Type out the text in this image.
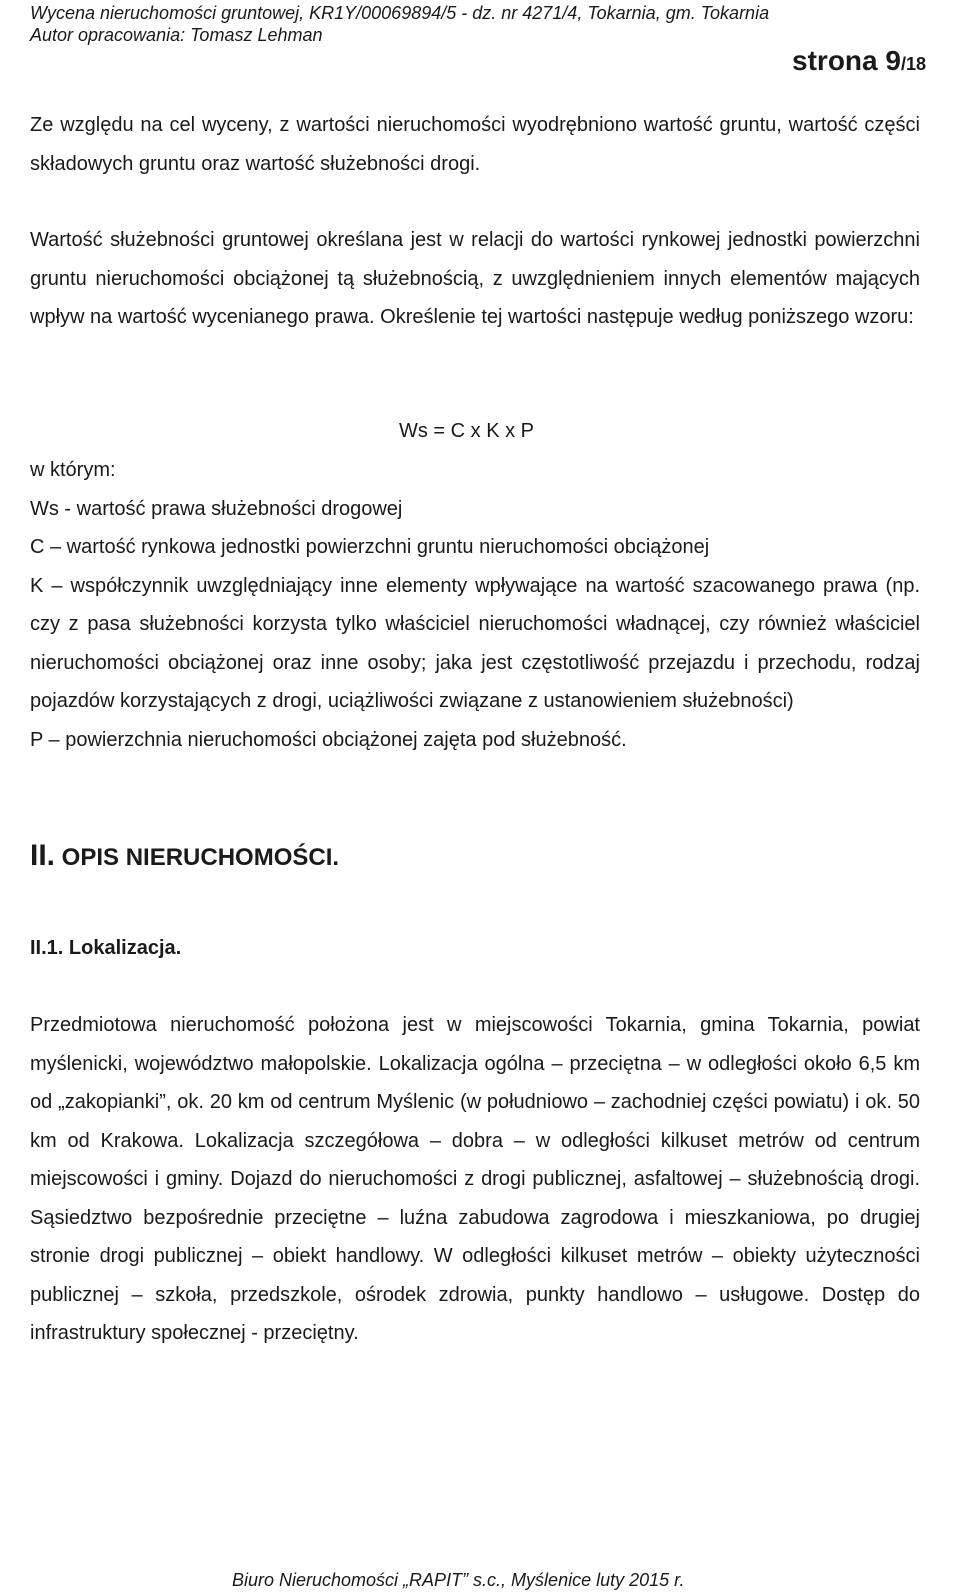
Wycena nieruchomości gruntowej, KR1Y/00069894/5 - dz. nr 4271/4, Tokarnia, gm. Tokarnia
Autor opracowania: Tomasz Lehman
strona 9/18

Ze względu na cel wyceny, z wartości nieruchomości wyodrębniono wartość gruntu, wartość części składowych gruntu oraz wartość służebności drogi.

Wartość służebności gruntowej określana jest w relacji do wartości rynkowej jednostki powierzchni gruntu nieruchomości obciążonej tą służebnością, z uwzględnieniem innych elementów mających wpływ na wartość wycenianego prawa. Określenie tej wartości następuje według poniższego wzoru:

Ws = C x K x P

w którym:

Ws - wartość prawa służebności drogowej

C – wartość rynkowa jednostki powierzchni gruntu nieruchomości obciążonej

K – współczynnik uwzględniający inne elementy wpływające na wartość szacowanego prawa (np. czy z pasa służebności korzysta tylko właściciel nieruchomości władnącej, czy również właściciel nieruchomości obciążonej oraz inne osoby; jaka jest częstotliwość przejazdu i przechodu, rodzaj pojazdów korzystających z drogi, uciążliwości związane z ustanowieniem służebności)

P – powierzchnia nieruchomości obciążonej zajęta pod służebność.

II. OPIS NIERUCHOMOŚCI.
II.1. Lokalizacja.

Przedmiotowa nieruchomość położona jest w miejscowości Tokarnia, gmina Tokarnia, powiat myślenicki, województwo małopolskie. Lokalizacja ogólna – przeciętna – w odległości około 6,5 km od „zakopianki”, ok. 20 km od centrum Myślenic (w południowo – zachodniej części powiatu) i ok. 50 km od Krakowa. Lokalizacja szczegółowa – dobra – w odległości kilkuset metrów od centrum miejscowości i gminy. Dojazd do nieruchomości z drogi publicznej, asfaltowej – służebnością drogi. Sąsiedztwo bezpośrednie przeciętne – luźna zabudowa zagrodowa i mieszkaniowa, po drugiej stronie drogi publicznej – obiekt handlowy. W odległości kilkuset metrów – obiekty użyteczności publicznej – szkoła, przedszkole, ośrodek zdrowia, punkty handlowo – usługowe. Dostęp do infrastruktury społecznej - przeciętny.

Biuro Nieruchomości „RAPIT” s.c., Myślenice luty 2015 r.
